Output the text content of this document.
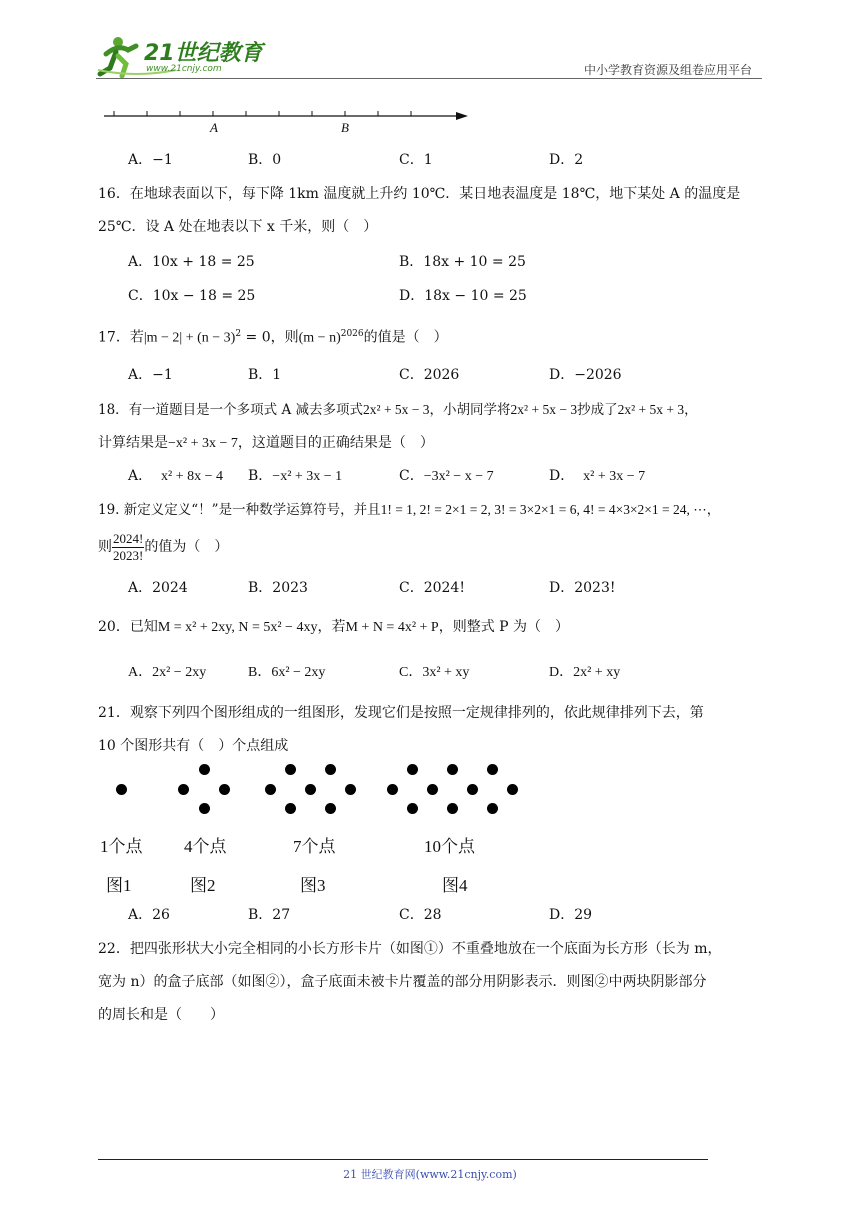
21世纪教育
www.21cnjy.com	中小学教育资源及组卷应用平台
A	B
A．−1	B．0	C．1	D．2
16．在地球表面以下，每下降 1km 温度就上升约 10℃．某日地表温度是 18℃，地下某处 A 的温度是
25℃．设 A 处在地表以下 x 千米，则（　）
A．10x + 18 = 25	B．18x + 10 = 25
C．10x − 18 = 25	D．18x − 10 = 25
17．若$|m - 2| + (n - 3)^2 = 0$，则$(m - n)^{2026}$的值是（　）
A．−1	B．1	C．2026	D．−2026
18．有一道题目是一个多项式 A 减去多项式2x² + 5x − 3，小胡同学将2x² + 5x − 3抄成了2x² + 5x + 3，
计算结果是−x² + 3x − 7，这道题目的正确结果是（　）
A． x² + 8x − 4 B．−x² + 3x − 1	C．−3x² − x − 7	D． x² + 3x − 7
19. 新定义定义“！”是一种数学运算符号，并且1! = 1, 2! = 2×1 = 2, 3! = 3×2×1 = 6, 4! = 4×3×2×1 = 24, ⋯，
则 $\frac{2024!}{2023!}$ 的值为（　）
A．2024	B．2023	C．2024!	D．2023!
20．已知M = x² + 2xy, N = 5x² − 4xy，若M + N = 4x² + P，则整式 P 为（　）
A．2x² − 2xy	B．6x² − 2xy	C．3x² + xy	D．2x² + xy
21．观察下列四个图形组成的一组图形，发现它们是按照一定规律排列的，依此规律排列下去，第
10 个图形共有（　）个点组成
1个点 4个点	7个点	10个点
图1	图2	图3	图4
A．26	B．27	C．28	D．29
22．把四张形状大小完全相同的小长方形卡片（如图①）不重叠地放在一个底面为长方形（长为 m，
宽为 n）的盒子底部（如图②），盒子底面未被卡片覆盖的部分用阴影表示．则图②中两块阴影部分
的周长和是（　　）
21 世纪教育网(www.21cnjy.com)
